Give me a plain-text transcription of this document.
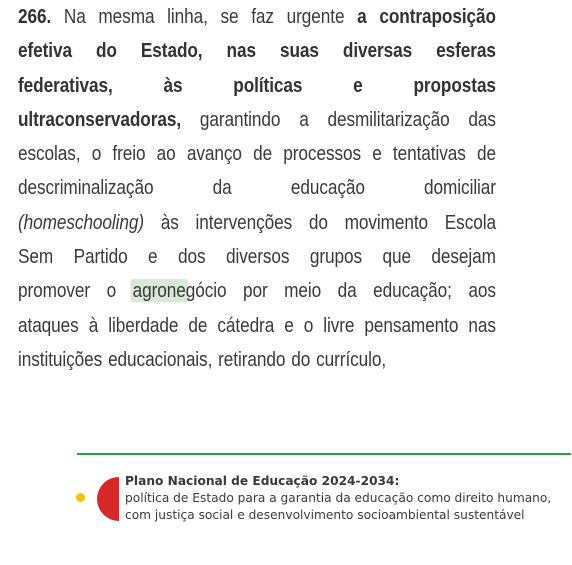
266. Na mesma linha, se faz urgente a contraposição
efetiva do Estado, nas suas diversas esferas
federativas, às políticas e propostas
ultraconservadoras, garantindo a desmilitarização das
escolas, o freio ao avanço de processos e tentativas de
descriminalização	da	educação	domiciliar
(homeschooling) às intervenções do movimento Escola
Sem Partido e dos diversos grupos que desejam
promover o agronegócio por meio da educação; aos
ataques à liberdade de cátedra e o livre pensamento nas
instituições educacionais, retirando do currículo,
Plano Nacional de Educação 2024-2034:
política de Estado para a garantia da educação como direito humano,
com justiça social e desenvolvimento socioambiental sustentável
